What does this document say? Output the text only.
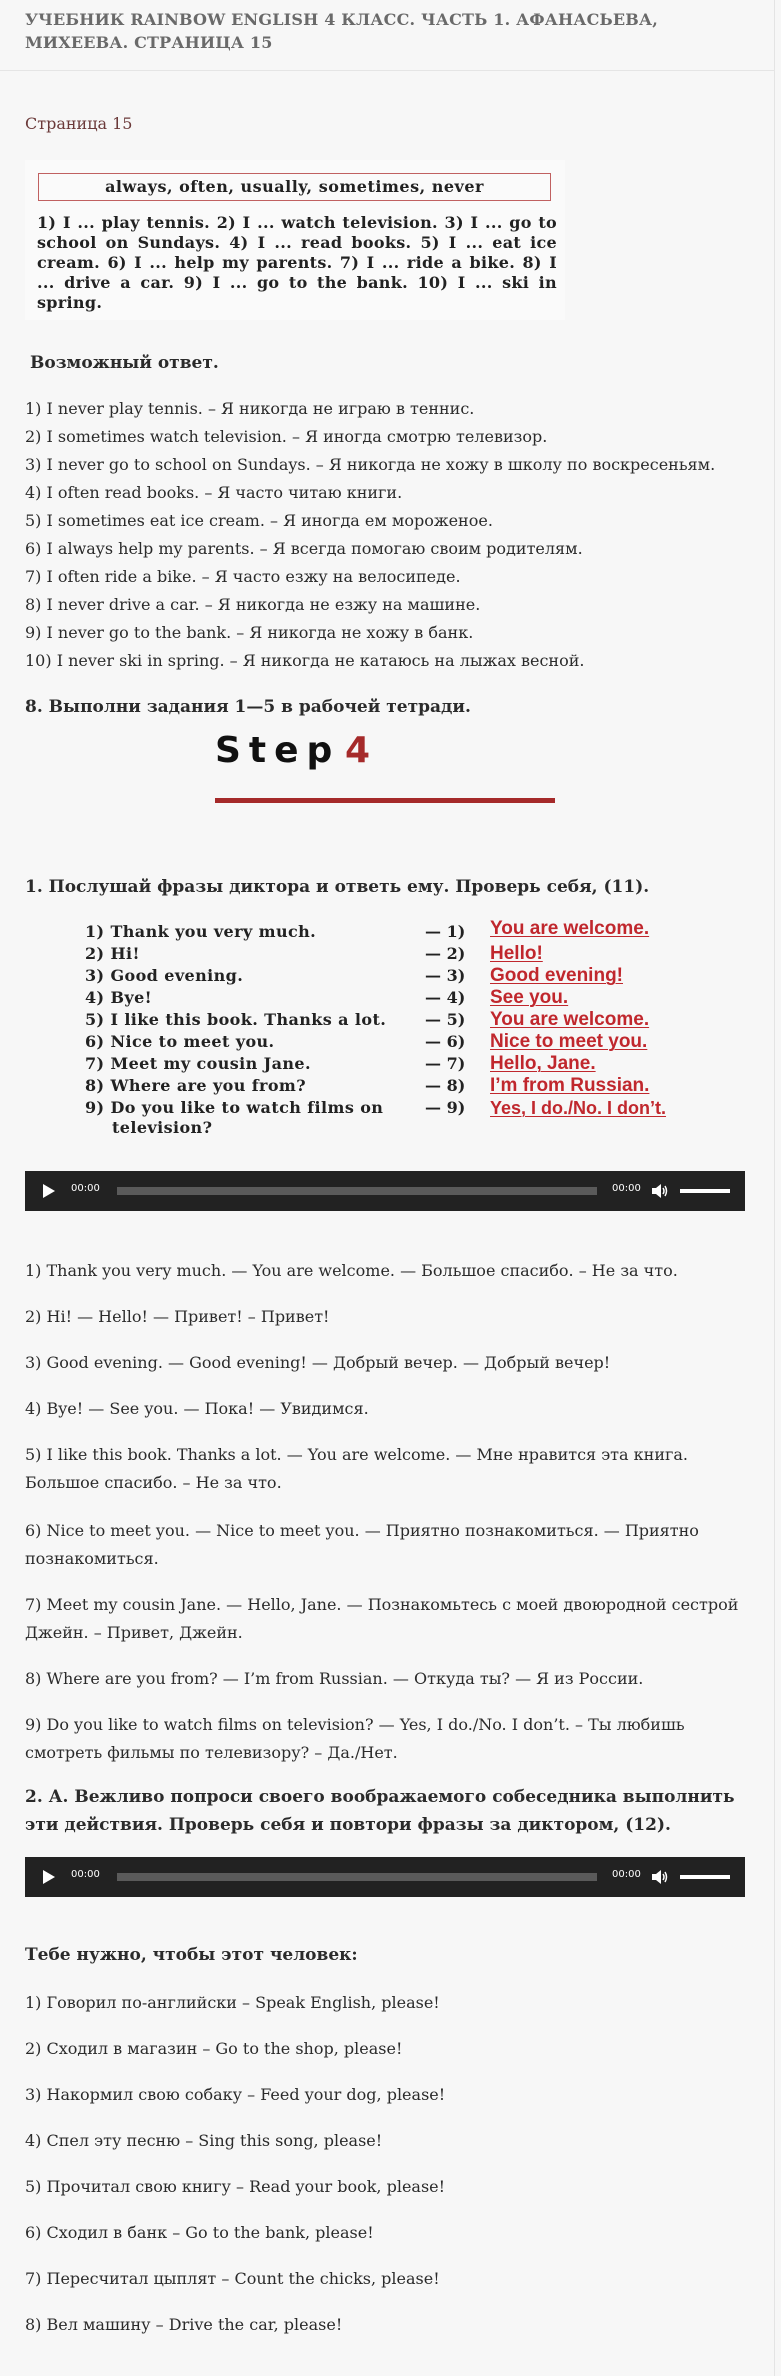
УЧЕБНИК RAINBOW ENGLISH 4 КЛАСС. ЧАСТЬ 1. АФАНАСЬЕВА, МИХЕЕВА. СТРАНИЦА 15
Страница 15
always, often, usually, sometimes, never
1) I ... play tennis. 2) I ... watch television. 3) I ... go to school on Sundays. 4) I ... read books. 5) I ... eat ice cream. 6) I ... help my parents. 7) I ... ride a bike. 8) I ... drive a car. 9) I ... go to the bank. 10) I ... ski in spring.

Возможный ответ.

1) I never play tennis. – Я никогда не играю в теннис.

2) I sometimes watch television. – Я иногда смотрю телевизор.

3) I never go to school on Sundays. – Я никогда не хожу в школу по воскресеньям.

4) I often read books. – Я часто читаю книги.

5) I sometimes eat ice cream. – Я иногда ем мороженое.

6) I always help my parents. – Я всегда помогаю своим родителям.

7) I often ride a bike. – Я часто езжу на велосипеде.

8) I never drive a car. – Я никогда не езжу на машине.

9) I never go to the bank. – Я никогда не хожу в банк.

10) I never ski in spring. – Я никогда не катаюсь на лыжах весной.

8. Выполни задания 1—5 в рабочей тетради.

Step 4

1. Послушай фразы диктора и ответь ему. Проверь себя, (11).

1) Thank you very much.	— 1) You are welcome.
2) Hi!	— 2) Hello!
3) Good evening.	— 3) Good evening!
4) Bye!	— 4) See you.
5) I like this book. Thanks a lot. — 5) You are welcome.
6) Nice to meet you.	— 6) Nice to meet you.
7) Meet my cousin Jane.	— 7) Hello, Jane.
8) Where are you from?	— 8) I’m from Russian.
9) Do you like to watch films on	— 9) Yes, I do./No. I don’t.
television?
00:00	00:00

1) Thank you very much. — You are welcome. — Большое спасибо. – Не за что.

2) Hi! — Hello! — Привет! – Привет!

3) Good evening. — Good evening! — Добрый вечер. — Добрый вечер!

4) Bye! — See you. — Пока! — Увидимся.

5) I like this book. Thanks a lot. — You are welcome. — Мне нравится эта книга.

Большое спасибо. – Не за что.

6) Nice to meet you. — Nice to meet you. — Приятно познакомиться. — Приятно

познакомиться.

7) Meet my cousin Jane. — Hello, Jane. — Познакомьтесь с моей двоюродной сестрой

Джейн. – Привет, Джейн.

8) Where are you from? — I’m from Russian. — Откуда ты? — Я из России.

9) Do you like to watch films on television? — Yes, I do./No. I don’t. – Ты любишь

смотреть фильмы по телевизору? – Да./Нет.

2. А. Вежливо попроси своего воображаемого собеседника выполнить

эти действия. Проверь себя и повтори фразы за диктором, (12).

00:00	00:00

Тебе нужно, чтобы этот человек:

1) Говорил по-английски – Speak English, please!

2) Сходил в магазин – Go to the shop, please!

3) Накормил свою собаку – Feed your dog, please!

4) Спел эту песню – Sing this song, please!

5) Прочитал свою книгу – Read your book, please!

6) Сходил в банк – Go to the bank, please!

7) Пересчитал цыплят – Count the chicks, please!

8) Вел машину – Drive the car, please!
